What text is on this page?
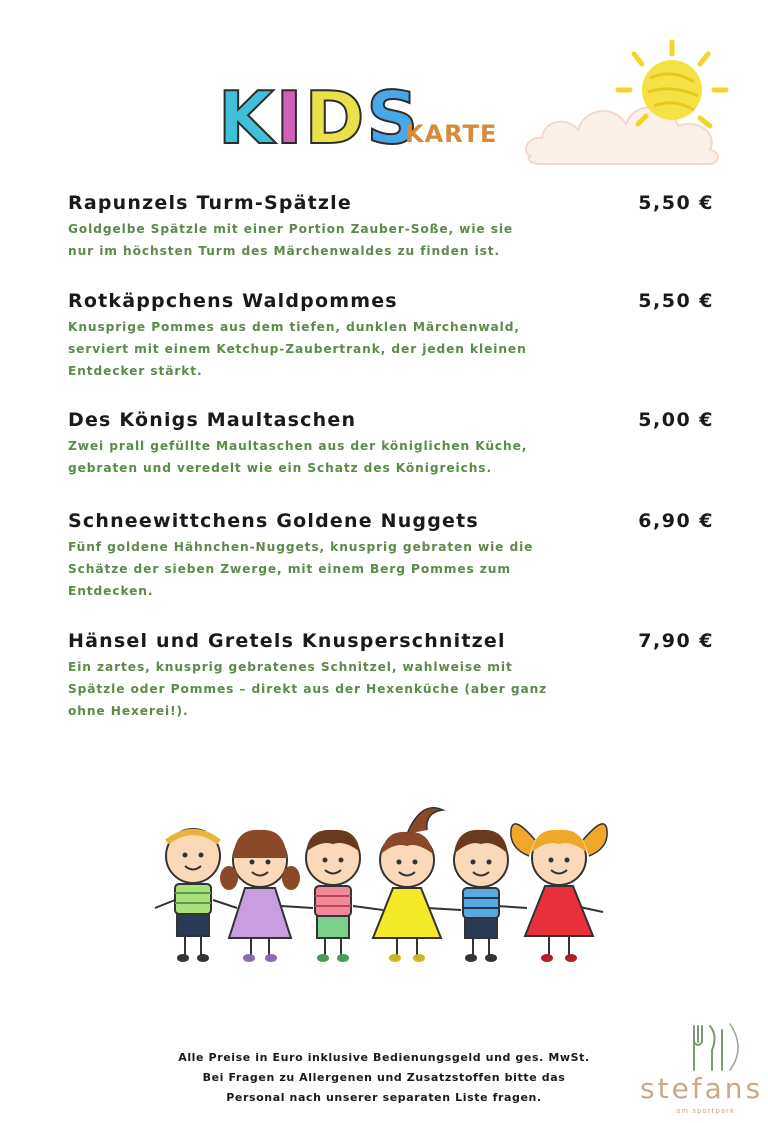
KIDS
KARTE
Rapunzels Turm-Spätzle	5,50 €
Goldgelbe Spätzle mit einer Portion Zauber-Soße, wie sie
nur im höchsten Turm des Märchenwaldes zu finden ist.
Rotkäppchens Waldpommes	5,50 €
Knusprige Pommes aus dem tiefen, dunklen Märchenwald,
serviert mit einem Ketchup-Zaubertrank, der jeden kleinen
Entdecker stärkt.
Des Königs Maultaschen	5,00 €
Zwei prall gefüllte Maultaschen aus der königlichen Küche,
gebraten und veredelt wie ein Schatz des Königreichs.
Schneewittchens Goldene Nuggets	6,90 €
Fünf goldene Hähnchen-Nuggets, knusprig gebraten wie die
Schätze der sieben Zwerge, mit einem Berg Pommes zum
Entdecken.
Hänsel und Gretels Knusperschnitzel	7,90 €
Ein zartes, knusprig gebratenes Schnitzel, wahlweise mit
Spätzle oder Pommes – direkt aus der Hexenküche (aber ganz
ohne Hexerei!).
Alle Preise in Euro inklusive Bedienungsgeld und ges. MwSt.
Bei Fragen zu Allergenen und Zusatzstoffen bitte das
Personal nach unserer separaten Liste fragen.	stefans
am sportpark
